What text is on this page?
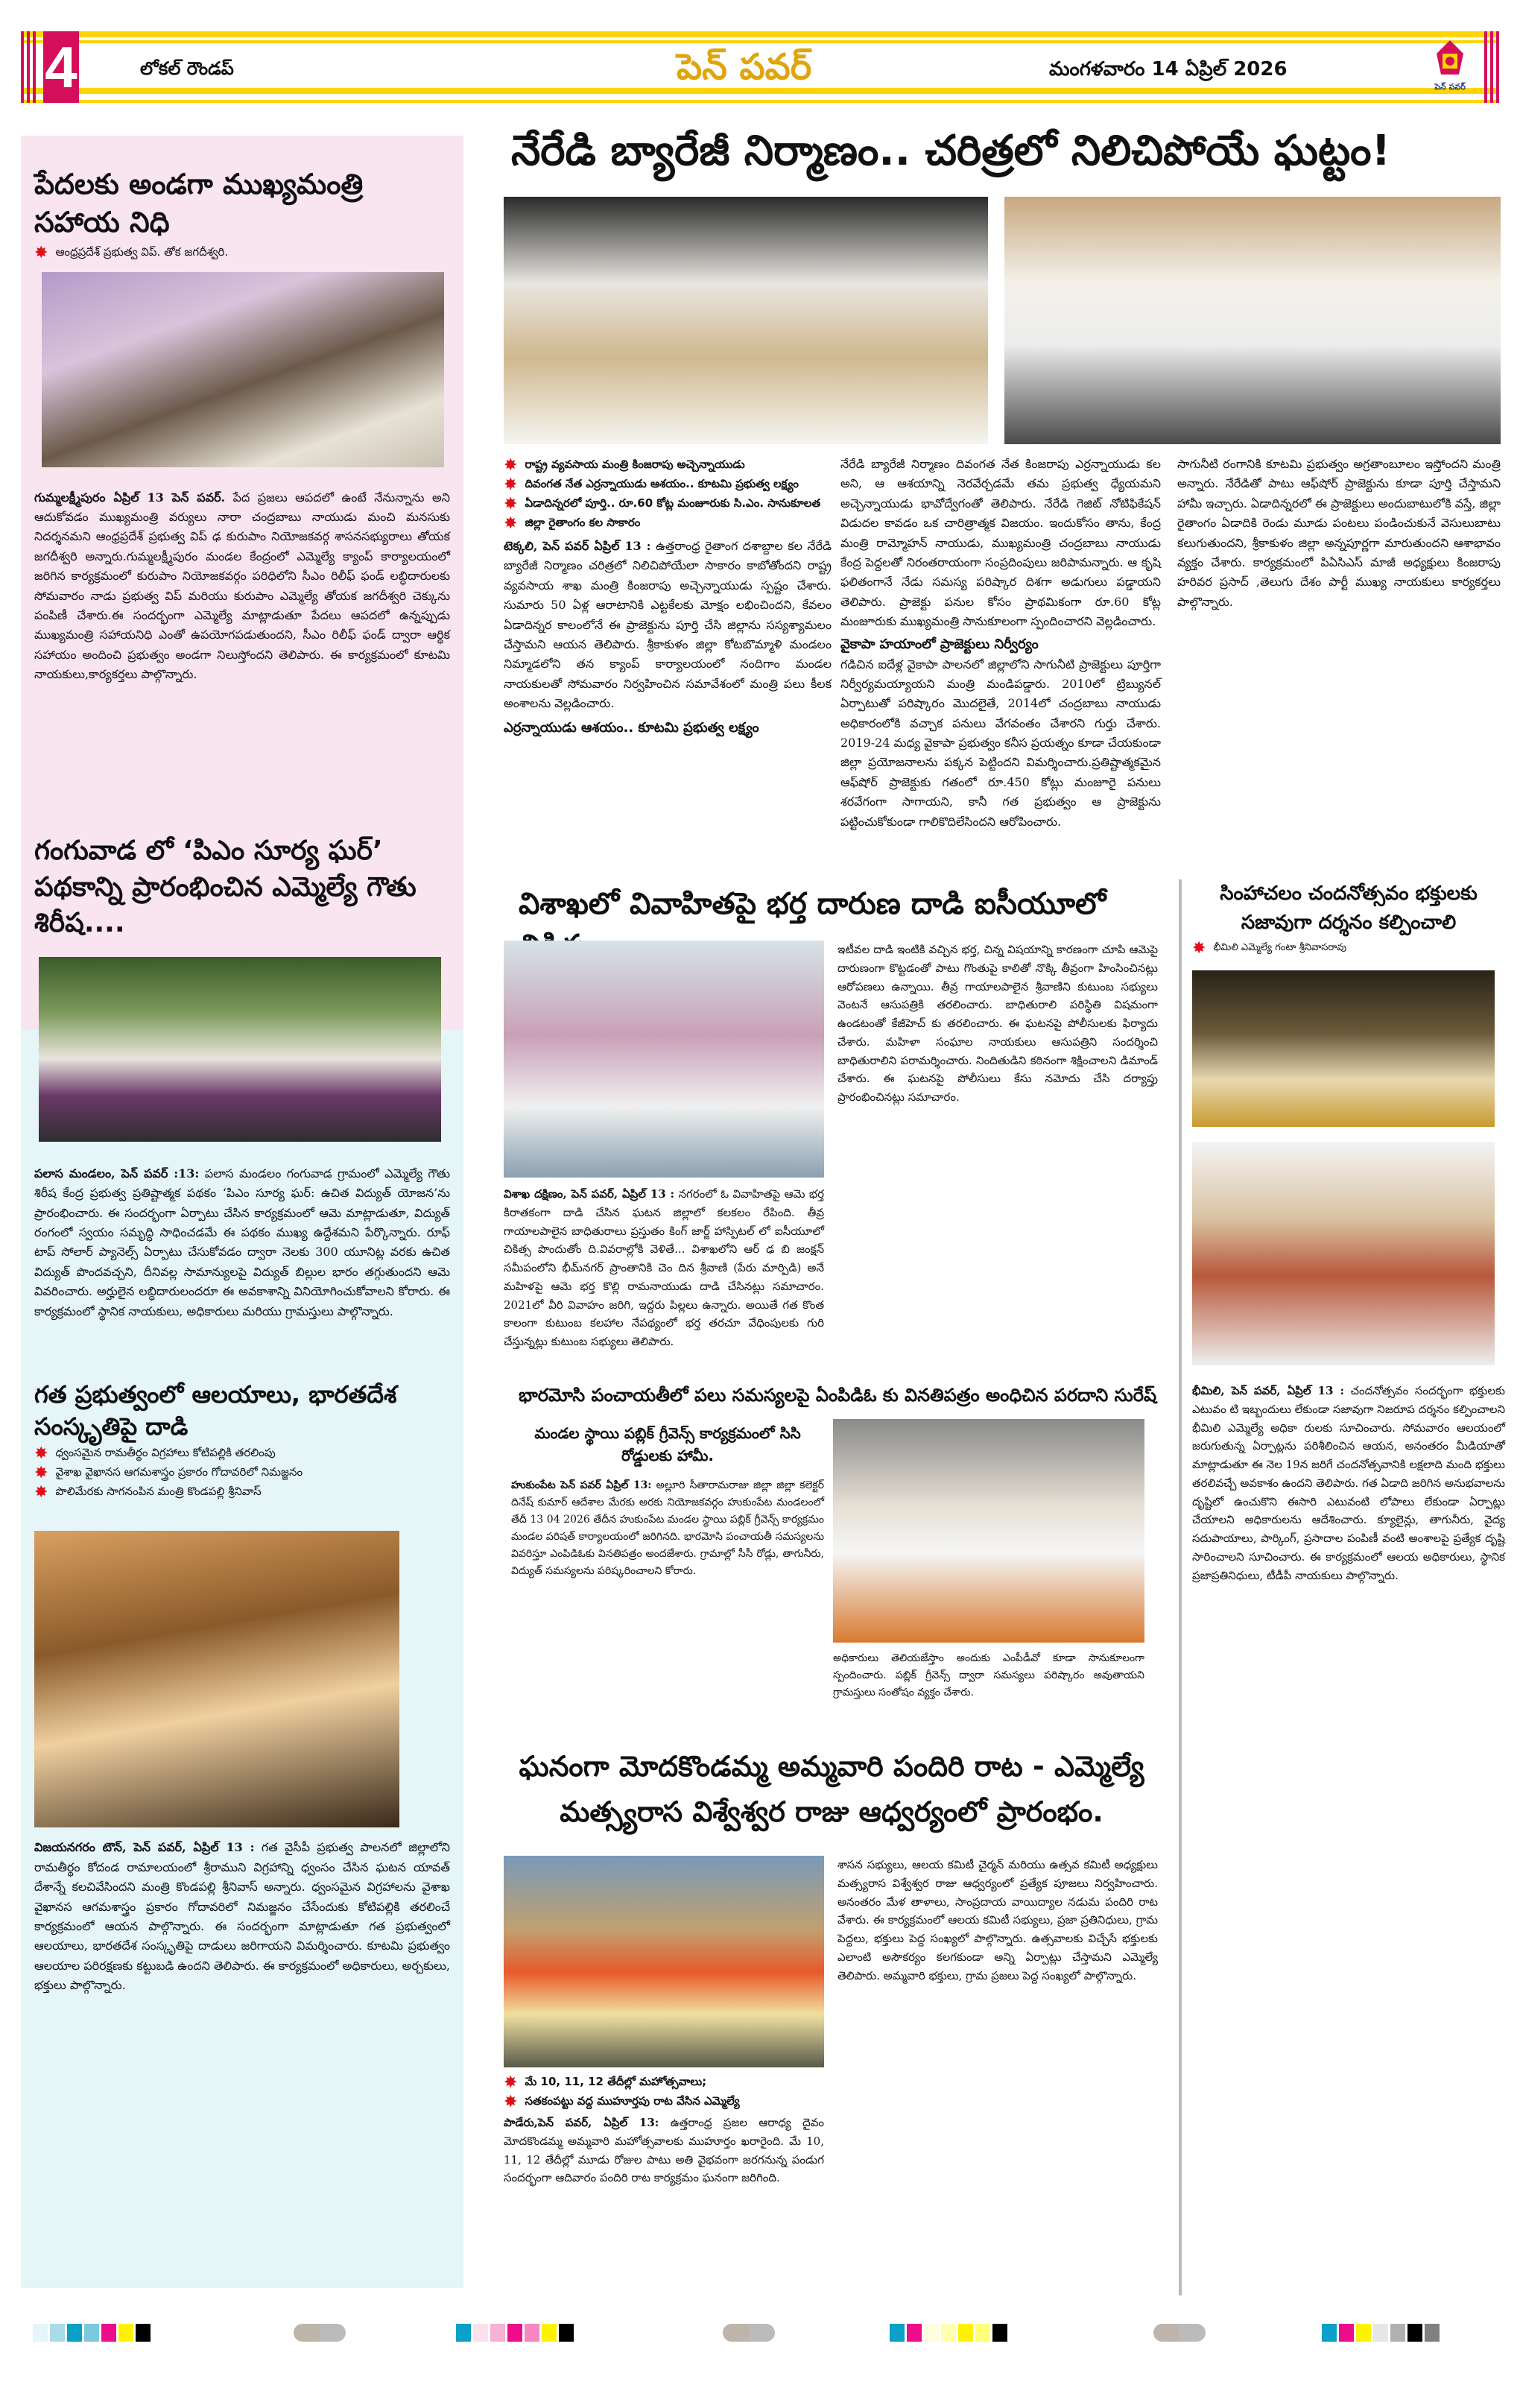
4	లోకల్ రౌండప్	పెన్ పవర్	మంగళవారం 14 ఏప్రిల్ 2026
పెన్ పవర్
పేదలకు అండగా ముఖ్యమంత్రి సహాయ నిధి
✸ ఆంధ్రప్రదేశ్ ప్రభుత్వ విప్. తోక జగదీశ్వరి.

గుమ్మలక్ష్మీపురం ఏప్రిల్ 13 పెన్ పవర్. పేద ప్రజలు ఆపదలో ఉంటే నేనున్నాను అని ఆదుకోవడం ముఖ్యమంత్రి వర్యులు నారా చంద్రబాబు నాయుడు మంచి మనసుకు నిదర్శనమని ఆంధ్రప్రదేశ్ ప్రభుత్వ విప్ ఢ కురుపాం నియోజకవర్గ శాసనసభ్యురాలు తోయక జగదీశ్వరి అన్నారు.గుమ్మలక్ష్మీపురం మండల కేంద్రంలో ఎమ్మెల్యే క్యాంప్ కార్యాలయంలో జరిగిన కార్యక్రమంలో కురుపాం నియోజకవర్గం పరిధిలోని సీఎం రిలీఫ్ ఫండ్ లబ్ధిదారులకు సోమవారం నాడు ప్రభుత్వ విప్ మరియు కురుపాం ఎమ్మెల్యే తోయక జగదీశ్వరి చెక్కును పంపిణీ చేశారు.ఈ సందర్భంగా ఎమ్మెల్యే మాట్లాడుతూ పేదలు ఆపదలో ఉన్నప్పుడు ముఖ్యమంత్రి సహాయనిధి ఎంతో ఉపయోగపడుతుందని, సీఎం రిలీఫ్ ఫండ్ ద్వారా ఆర్థిక సహాయం అందించి ప్రభుత్వం అండగా నిలుస్తోందని తెలిపారు. ఈ కార్యక్రమంలో కూటమి నాయకులు,కార్యకర్తలు పాల్గొన్నారు.

గంగువాడ లో ‘పిఎం సూర్య ఘర్’ పథకాన్ని ప్రారంభించిన ఎమ్మెల్యే గౌతు శిరీష....

పలాస మండలం, పెన్ పవర్ :13: పలాస మండలం గంగువాడ గ్రామంలో ఎమ్మెల్యే గౌతు శిరీష కేంద్ర ప్రభుత్వ ప్రతిష్టాత్మక పథకం ‘పిఎం సూర్య ఘర్: ఉచిత విద్యుత్ యోజన’ను ప్రారంభించారు. ఈ సందర్భంగా ఏర్పాటు చేసిన కార్యక్రమంలో ఆమె మాట్లాడుతూ, విద్యుత్ రంగంలో స్వయం సమృద్ధి సాధించడమే ఈ పథకం ముఖ్య ఉద్దేశమని పేర్కొన్నారు. రూఫ్ టాప్ సోలార్ ప్యానెల్స్ ఏర్పాటు చేసుకోవడం ద్వారా నెలకు 300 యూనిట్ల వరకు ఉచిత విద్యుత్ పొందవచ్చని, దీనివల్ల సామాన్యులపై విద్యుత్ బిల్లుల భారం తగ్గుతుందని ఆమె వివరించారు. అర్హులైన లబ్ధిదారులందరూ ఈ అవకాశాన్ని వినియోగించుకోవాలని కోరారు. ఈ కార్యక్రమంలో స్థానిక నాయకులు, అధికారులు మరియు గ్రామస్తులు పాల్గొన్నారు.

గత ప్రభుత్వంలో ఆలయాలు, భారతదేశ సంస్కృతిపై దాడి
✸ ధ్వంసమైన రామతీర్థం విగ్రహాలు కోటిపల్లికి తరలింపు
✸ వైశాఖ వైఖానస ఆగమశాస్త్రం ప్రకారం గోదావరిలో నిమజ్జనం
✸ పొలిమేరకు సాగనంపిన మంత్రి కొండపల్లి శ్రీనివాస్

విజయనగరం టౌన్, పెన్ పవర్, ఏప్రిల్ 13 : గత వైసీపీ ప్రభుత్వ పాలనలో జిల్లాలోని రామతీర్థం కోదండ రామాలయంలో శ్రీరాముని విగ్రహాన్ని ధ్వంసం చేసిన ఘటన యావత్ దేశాన్నే కలచివేసిందని మంత్రి కొండపల్లి శ్రీనివాస్ అన్నారు. ధ్వంసమైన విగ్రహాలను వైశాఖ వైఖానస ఆగమశాస్త్రం ప్రకారం గోదావరిలో నిమజ్జనం చేసేందుకు కోటిపల్లికి తరలించే కార్యక్రమంలో ఆయన పాల్గొన్నారు. ఈ సందర్భంగా మాట్లాడుతూ గత ప్రభుత్వంలో ఆలయాలు, భారతదేశ సంస్కృతిపై దాడులు జరిగాయని విమర్శించారు. కూటమి ప్రభుత్వం ఆలయాల పరిరక్షణకు కట్టుబడి ఉందని తెలిపారు. ఈ కార్యక్రమంలో అధికారులు, అర్చకులు, భక్తులు పాల్గొన్నారు.

నేరేడి బ్యారేజీ నిర్మాణం.. చరిత్రలో నిలిచిపోయే ఘట్టం!
✸ రాష్ట్ర వ్యవసాయ మంత్రి కింజరాపు అచ్చెన్నాయుడు
✸ దివంగత నేత ఎర్రన్నాయుడు ఆశయం.. కూటమి ప్రభుత్వ లక్ష్యం
✸ ఏడాదిన్నరలో పూర్తి.. రూ.60 కోట్ల మంజూరుకు సి.ఎం. సానుకూలత
✸ జిల్లా రైతాంగం కల సాకారం

టెక్కలి, పెన్ పవర్ ఏప్రిల్ 13 : ఉత్తరాంధ్ర రైతాంగ దశాబ్దాల కల నేరేడి బ్యారేజీ నిర్మాణం చరిత్రలో నిలిచిపోయేలా సాకారం కాబోతోందని రాష్ట్ర వ్యవసాయ శాఖ మంత్రి కింజరాపు అచ్చెన్నాయుడు స్పష్టం చేశారు. సుమారు 50 ఏళ్ల ఆరాటానికి ఎట్టకేలకు మోక్షం లభించిందని, కేవలం ఏడాదిన్నర కాలంలోనే ఈ ప్రాజెక్టును పూర్తి చేసి జిల్లాను సస్యశ్యామలం చేస్తామని ఆయన తెలిపారు. శ్రీకాకుళం జిల్లా కోటబొమ్మాళి మండలం నిమ్మాడలోని తన క్యాంప్ కార్యాలయంలో నందిగాం మండల నాయకులతో సోమవారం నిర్వహించిన సమావేశంలో మంత్రి పలు కీలక అంశాలను వెల్లడించారు.

ఎర్రన్నాయుడు ఆశయం.. కూటమి ప్రభుత్వ లక్ష్యం

నేరేడి బ్యారేజీ నిర్మాణం దివంగత నేత కింజరాపు ఎర్రన్నాయుడు కల అని, ఆ ఆశయాన్ని నెరవేర్చడమే తమ ప్రభుత్వ ధ్యేయమని అచ్చెన్నాయుడు భావోద్వేగంతో తెలిపారు. నేరేడి గెజిట్ నోటిఫికేషన్ విడుదల కావడం ఒక చారిత్రాత్మక విజయం. ఇందుకోసం తాను, కేంద్ర మంత్రి రామ్మోహన్ నాయుడు, ముఖ్యమంత్రి చంద్రబాబు నాయుడు కేంద్ర పెద్దలతో నిరంతరాయంగా సంప్రదింపులు జరిపామన్నారు. ఆ కృషి ఫలితంగానే నేడు సమస్య పరిష్కార దిశగా అడుగులు పడ్డాయని తెలిపారు. ప్రాజెక్టు పనుల కోసం ప్రాథమికంగా రూ.60 కోట్ల మంజూరుకు ముఖ్యమంత్రి సానుకూలంగా స్పందించారని వెల్లడించారు.

వైకాపా హయాంలో ప్రాజెక్టులు నిర్వీర్యం

గడిచిన ఐదేళ్ల వైకాపా పాలనలో జిల్లాలోని సాగునీటి ప్రాజెక్టులు పూర్తిగా నిర్వీర్యమయ్యాయని మంత్రి మండిపడ్డారు. 2010లో ట్రిబ్యునల్ ఏర్పాటుతో పరిష్కారం మొదలైతే, 2014లో చంద్రబాబు నాయుడు అధికారంలోకి వచ్చాక పనులు వేగవంతం చేశారని గుర్తు చేశారు. 2019-24 మధ్య వైకాపా ప్రభుత్వం కనీస ప్రయత్నం కూడా చేయకుండా జిల్లా ప్రయోజనాలను పక్కన పెట్టిందని విమర్శించారు.ప్రతిష్టాత్మకమైన ఆఫ్‌షోర్ ప్రాజెక్టుకు గతంలో రూ.450 కోట్లు మంజూరై పనులు శరవేగంగా సాగాయని, కానీ గత ప్రభుత్వం ఆ ప్రాజెక్టును పట్టించుకోకుండా గాలికొదిలేసిందని ఆరోపించారు.

సాగునీటి రంగానికి కూటమి ప్రభుత్వం అగ్రతాంబూలం ఇస్తోందని మంత్రి అన్నారు. నేరేడితో పాటు ఆఫ్‌షోర్ ప్రాజెక్టును కూడా పూర్తి చేస్తామని హామీ ఇచ్చారు. ఏడాదిన్నరలో ఈ ప్రాజెక్టులు అందుబాటులోకి వస్తే, జిల్లా రైతాంగం ఏడాదికి రెండు మూడు పంటలు పండించుకునే వెసులుబాటు కలుగుతుందని, శ్రీకాకుళం జిల్లా అన్నపూర్ణగా మారుతుందని ఆశాభావం వ్యక్తం చేశారు. కార్యక్రమంలో పిఏసిఎస్ మాజీ అధ్యక్షులు కింజరాపు హరివర ప్రసాద్ ,తెలుగు దేశం పార్టీ ముఖ్య నాయకులు కార్యకర్తలు పాల్గొన్నారు.

విశాఖలో వివాహితపై భర్త దారుణ దాడి ఐసీయూలో

విశాఖ దక్షిణం, పెన్ పవర్, ఏప్రిల్ 13 : నగరంలో ఓ వివాహితపై ఆమె భర్త కిరాతకంగా దాడి చేసిన ఘటన జిల్లాలో కలకలం రేపింది. తీవ్ర గాయాలపాలైన బాధితురాలు ప్రస్తుతం కింగ్ జార్జ్ హాస్పిటల్ లో ఐసీయూలో చికిత్స పొందుతోం ది.వివరాల్లోకి వెళితే... విశాఖలోని ఆర్ ఢ బి జంక్షన్ సమీపంలోని భీమ్‌నగర్ ప్రాంతానికి చెం దిన శ్రీవాణి (పేరు మార్పిడి) అనే మహిళపై ఆమె భర్త కొల్లి రామనాయుడు దాడి చేసినట్లు సమాచారం. 2021లో వీరి వివాహం జరిగి, ఇద్దరు పిల్లలు ఉన్నారు. అయితే గత కొంత కాలంగా కుటుంబ కలహాల నేపథ్యంలో భర్త తరచూ వేధింపులకు గురి చేస్తున్నట్లు కుటుంబ సభ్యులు తెలిపారు.

ఇటీవల దాడి ఇంటికి వచ్చిన భర్త, చిన్న విషయాన్ని కారణంగా చూపి ఆమెపై దారుణంగా కొట్టడంతో పాటు గొంతుపై కాలితో నొక్కి తీవ్రంగా హింసించినట్లు ఆరోపణలు ఉన్నాయి. తీవ్ర గాయాలపాలైన శ్రీవాణిని కుటుంబ సభ్యులు వెంటనే ఆసుపత్రికి తరలించారు. బాధితురాలి పరిస్థితి విషమంగా ఉండటంతో కేజీహెచ్ కు తరలించారు. ఈ ఘటనపై పోలీసులకు ఫిర్యాదు చేశారు. మహిళా సంఘాల నాయకులు ఆసుపత్రిని సందర్శించి బాధితురాలిని పరామర్శించారు. నిందితుడిని కఠినంగా శిక్షించాలని డిమాండ్ చేశారు. ఈ ఘటనపై పోలీసులు కేసు నమోదు చేసి దర్యాప్తు ప్రారంభించినట్లు సమాచారం.

భారమోసి పంచాయతీలో పలు సమస్యలపై ఏంపిడిఓ కు వినతిపత్రం అంధిచిన పరదాని సురేష్
మండల స్థాయి పబ్లిక్ గ్రీవెన్స్ కార్యక్రమంలో సిసి రోడ్డులకు హామీ.

హుకుంపేట పెన్ పవర్ ఏప్రిల్ 13: అల్లూరి సీతారామరాజు జిల్లా జిల్లా కలెక్టర్ దినేష్ కుమార్ ఆదేశాల మేరకు అరకు నియోజకవర్గం హుకుంపేట మండలంలో తేదీ 13 04 2026 తేదీన హుకుంపేట మండల స్థాయి పబ్లిక్ గ్రీవెన్స్ కార్యక్రమం మండల పరిషత్ కార్యాలయంలో జరిగినది. భారమోసి పంచాయతీ సమస్యలను వివరిస్తూ ఎంపిడిఓకు వినతిపత్రం అందజేశారు. గ్రామాల్లో సీసీ రోడ్లు, తాగునీరు, విద్యుత్ సమస్యలను పరిష్కరించాలని కోరారు.

అధికారులు తెలియజేస్తాం అందుకు ఎంపీడీవో కూడా సానుకూలంగా స్పందించారు. పబ్లిక్ గ్రీవెన్స్ ద్వారా సమస్యలు పరిష్కారం అవుతాయని గ్రామస్తులు సంతోషం వ్యక్తం చేశారు.

ఘనంగా మోదకొండమ్మ అమ్మవారి పందిరి రాట - ఎమ్మెల్యే మత్స్యరాస విశ్వేశ్వర రాజు ఆధ్వర్యంలో ప్రారంభం.
✸ మే 10, 11, 12 తేదీల్లో మహోత్సవాలు;
✸ సతకంపట్టు వద్ద ముహూర్తపు రాట వేసిన ఎమ్మెల్యే

పాడేరు,పెన్ పవర్, ఏప్రిల్ 13: ఉత్తరాంధ్ర ప్రజల ఆరాధ్య దైవం మోదకొండమ్మ అమ్మవారి మహోత్సవాలకు ముహూర్తం ఖరారైంది. మే 10, 11, 12 తేదీల్లో మూడు రోజుల పాటు అతి వైభవంగా జరగనున్న పండుగ సందర్భంగా ఆదివారం పందిరి రాట కార్యక్రమం ఘనంగా జరిగింది.

శాసన సభ్యులు, ఆలయ కమిటీ చైర్మన్ మరియు ఉత్సవ కమిటీ అధ్యక్షులు మత్స్యరాస విశ్వేశ్వర రాజు ఆధ్వర్యంలో ప్రత్యేక పూజలు నిర్వహించారు. అనంతరం మేళ తాళాలు, సాంప్రదాయ వాయిద్యాల నడుమ పందిరి రాట వేశారు. ఈ కార్యక్రమంలో ఆలయ కమిటీ సభ్యులు, ప్రజా ప్రతినిధులు, గ్రామ పెద్దలు, భక్తులు పెద్ద సంఖ్యలో పాల్గొన్నారు. ఉత్సవాలకు విచ్చేసే భక్తులకు ఎలాంటి అసౌకర్యం కలగకుండా అన్ని ఏర్పాట్లు చేస్తామని ఎమ్మెల్యే తెలిపారు. అమ్మవారి భక్తులు, గ్రామ ప్రజలు పెద్ద సంఖ్యలో పాల్గొన్నారు.

సింహాచలం చందనోత్సవం భక్తులకు సజావుగా దర్శనం కల్పించాలి
✸ భీమిలి ఎమ్మెల్యే గంటా శ్రీనివాసరావు

భీమిలి, పెన్ పవర్, ఏప్రిల్ 13 : చందనోత్సవం సందర్భంగా భక్తులకు ఎటువం టి ఇబ్బందులు లేకుండా సజావుగా నిజరూప దర్శనం కల్పించాలని భీమిలి ఎమ్మెల్యే అధికా రులకు సూచించారు. సోమవారం ఆలయంలో జరుగుతున్న ఏర్పాట్లను పరిశీలించిన ఆయన, అనంతరం మీడియాతో మాట్లాడుతూ ఈ నెల 19న జరిగే చందనోత్సవానికి లక్షలాది మంది భక్తులు తరలివచ్చే అవకాశం ఉందని తెలిపారు. గత ఏడాది జరిగిన అనుభవాలను దృష్టిలో ఉంచుకొని ఈసారి ఎటువంటి లోపాలు లేకుండా ఏర్పాట్లు చేయాలని అధికారులను ఆదేశించారు. క్యూలైన్లు, తాగునీరు, వైద్య సదుపాయాలు, పార్కింగ్, ప్రసాదాల పంపిణీ వంటి అంశాలపై ప్రత్యేక దృష్టి సారించాలని సూచించారు. ఈ కార్యక్రమంలో ఆలయ అధికారులు, స్థానిక ప్రజాప్రతినిధులు, టీడీపీ నాయకులు పాల్గొన్నారు.
